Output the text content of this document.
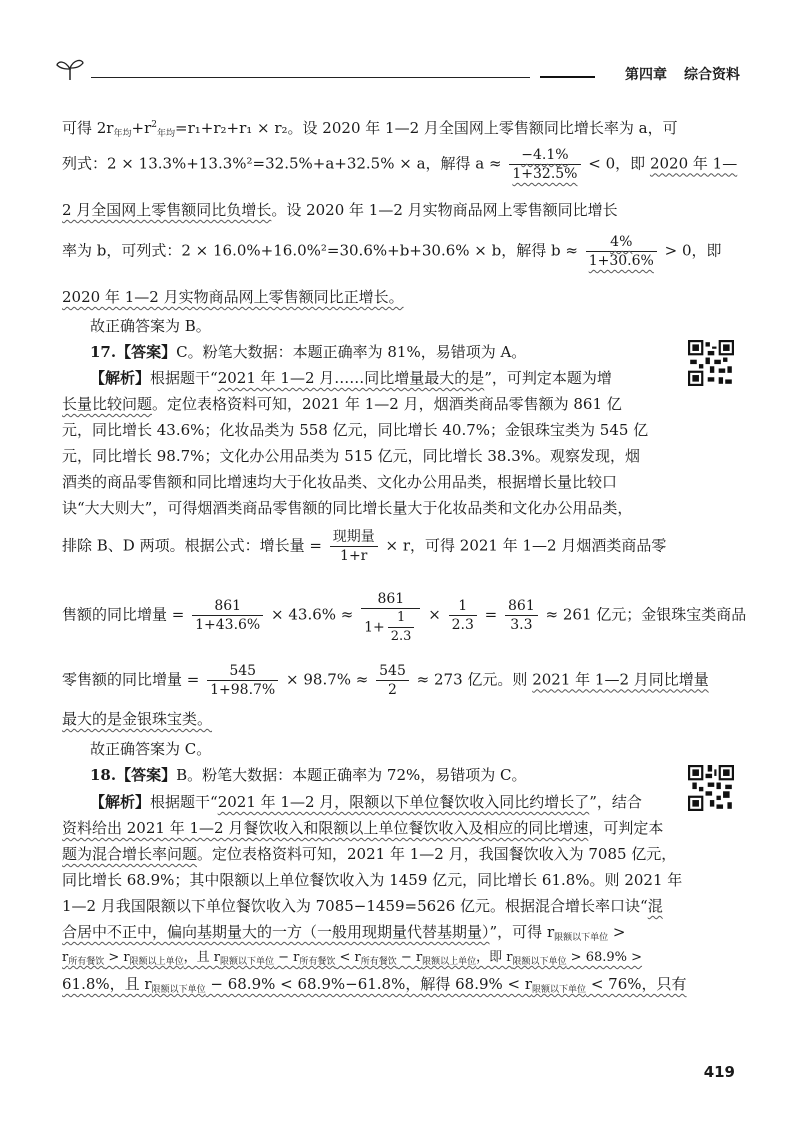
第四章 综合资料
可得 $2r_{年均}+r^2_{年均}=r_1+r_2+r_1 \times r_2$。设 2020 年 1—2 月全国网上零售额同比增长率为 a，可
列式：2 × 13.3%+13.3%²=32.5%+a+32.5% × a，解得 $a \approx \frac{-4.1\%}{1+32.5\%} < 0$，即 2020 年 1—
2 月全国网上零售额同比负增长。设 2020 年 1—2 月实物商品网上零售额同比增长
率为 b，可列式：2 × 16.0%+16.0%²=30.6%+b+30.6% × b，解得 $b \approx \frac{4\%}{1+30.6\%} > 0$，即
2020 年 1—2 月实物商品网上零售额同比正增长。
故正确答案为 B。
17.【答案】C。粉笔大数据：本题正确率为 81%，易错项为 A。
【解析】根据题干“2021 年 1—2 月……同比增量最大的是”，可判定本题为增
长量比较问题。定位表格资料可知，2021 年 1—2 月，烟酒类商品零售额为 861 亿
元，同比增长 43.6%；化妆品类为 558 亿元，同比增长 40.7%；金银珠宝类为 545 亿
元，同比增长 98.7%；文化办公用品类为 515 亿元，同比增长 38.3%。观察发现，烟
酒类的商品零售额和同比增速均大于化妆品类、文化办公用品类，根据增长量比较口
诀“大大则大”，可得烟酒类商品零售额的同比增长量大于化妆品类和文化办公用品类，
排除 B、D 两项。根据公式：增长量 = $\frac{\text{现期量}}{1+r} \times r$，可得 2021 年 1—2 月烟酒类商品零
售额的同比增量 = $\frac{861}{1+43.6\%} \times 43.6\% \approx \frac{861}{1+ \frac{1}{2.3}} \times \frac{1}{2.3} = \frac{861}{3.3} \approx 261$ 亿元；金银珠宝类商品
零售额的同比增量 = $\frac{545}{1+98.7\%} \times 98.7\% \approx \frac{545}{2} \approx 273$ 亿元。则 2021 年 1—2 月同比增量
最大的是金银珠宝类。
故正确答案为 C。
18.【答案】B。粉笔大数据：本题正确率为 72%，易错项为 C。
【解析】根据题干“2021 年 1—2 月，限额以下单位餐饮收入同比约增长了”，结合
资料给出 2021 年 1—2 月餐饮收入和限额以上单位餐饮收入及相应的同比增速，可判定本
题为混合增长率问题。定位表格资料可知，2021 年 1—2 月，我国餐饮收入为 7085 亿元，
同比增长 68.9%；其中限额以上单位餐饮收入为 1459 亿元，同比增长 61.8%。则 2021 年
1—2 月我国限额以下单位餐饮收入为 7085−1459=5626 亿元。根据混合增长率口诀“混
合居中不正中，偏向基期量大的一方（一般用现期量代替基期量）”，可得 $r_{限额以下单位}$ >
$r_{所有餐饮} > r_{限额以上单位}$，且 $r_{限额以下单位} - r_{所有餐饮} < r_{所有餐饮} - r_{限额以上单位}$，即 $r_{限额以下单位} > 68.9\%$ >
61.8%，且 $r_{限额以下单位} - 68.9\% < 68.9\%-61.8\%$，解得 $68.9\% < r_{限额以下单位} < 76\%$，只有
419
